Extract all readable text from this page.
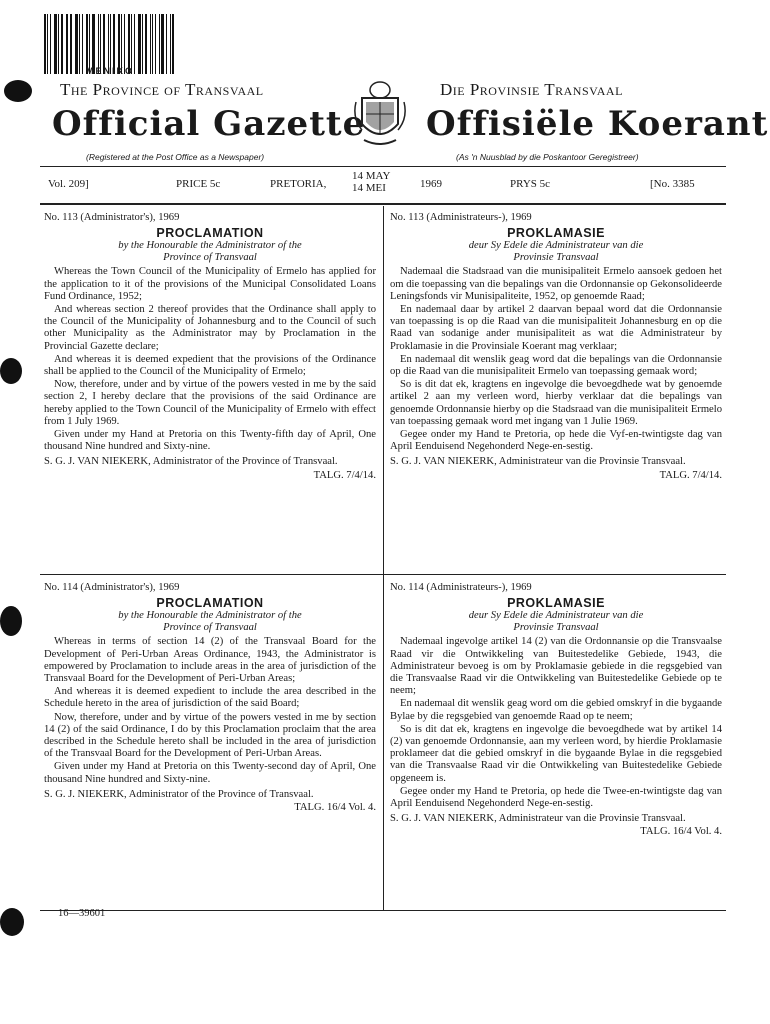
MENIKO
The Province of Transvaal	Die Provinsie Transvaal
Official Gazette Offisiële Koerant
(Registered at the Post Office as a Newspaper)	(As 'n Nuusblad by die Poskantoor Geregistreer)
Vol. 209]	PRICE 5c	PRETORIA,
14 MAY
14 MEI	1969	PRYS 5c	[No. 3385

No. 113 (Administrator's), 1969

PROCLAMATION

by the Honourable the Administrator of the

Province of Transvaal

Whereas the Town Council of the Municipality of Ermelo has applied for the application to it of the provisions of the Municipal Consolidated Loans Fund Ordinance, 1952;

And whereas section 2 thereof provides that the Ordinance shall apply to the Council of the Municipality of Johannesburg and to the Council of such other Municipality as the Administrator may by Proclamation in the Provincial Gazette declare;

And whereas it is deemed expedient that the provisions of the Ordinance shall be applied to the Council of the Municipality of Ermelo;

Now, therefore, under and by virtue of the powers vested in me by the said section 2, I hereby declare that the provisions of the said Ordinance are hereby applied to the Town Council of the Municipality of Ermelo with effect from 1 July 1969.

Given under my Hand at Pretoria on this Twenty-fifth day of April, One thousand Nine hundred and Sixty-nine.

S. G. J. VAN NIEKERK, Administrator of the Province of Transvaal.

TALG. 7/4/14.

No. 113 (Administrateurs-), 1969

PROKLAMASIE

deur Sy Edele die Administrateur van die

Provinsie Transvaal

Nademaal die Stadsraad van die munisipaliteit Ermelo aansoek gedoen het om die toepassing van die bepalings van die Ordonnansie op Gekonsolideerde Leningsfonds vir Munisipaliteite, 1952, op genoemde Raad;

En nademaal daar by artikel 2 daarvan bepaal word dat die Ordonnansie van toepassing is op die Raad van die munisipaliteit Johannesburg en op die Raad van sodanige ander munisipaliteit as wat die Administrateur by Proklamasie in die Provinsiale Koerant mag verklaar;

En nademaal dit wenslik geag word dat die bepalings van die Ordonnansie op die Raad van die munisipaliteit Ermelo van toepassing gemaak word;

So is dit dat ek, kragtens en ingevolge die bevoegdhede wat by genoemde artikel 2 aan my verleen word, hierby verklaar dat die bepalings van genoemde Ordonnansie hierby op die Stadsraad van die munisipaliteit Ermelo van toepassing gemaak word met ingang van 1 Julie 1969.

Gegee onder my Hand te Pretoria, op hede die Vyf-en-twintigste dag van April Eenduisend Negehonderd Nege-en-sestig.

S. G. J. VAN NIEKERK, Administrateur van die Provinsie Transvaal.

TALG. 7/4/14.

No. 114 (Administrator's), 1969

PROCLAMATION

by the Honourable the Administrator of the

Province of Transvaal

Whereas in terms of section 14 (2) of the Transvaal Board for the Development of Peri-Urban Areas Ordinance, 1943, the Administrator is empowered by Proclamation to include areas in the area of jurisdiction of the Transvaal Board for the Development of Peri-Urban Areas;

And whereas it is deemed expedient to include the area described in the Schedule hereto in the area of jurisdiction of the said Board;

Now, therefore, under and by virtue of the powers vested in me by section 14 (2) of the said Ordinance, I do by this Proclamation proclaim that the area described in the Schedule hereto shall be included in the area of jurisdiction of the Transvaal Board for the Development of Peri-Urban Areas.

Given under my Hand at Pretoria on this Twenty-second day of April, One thousand Nine hundred and Sixty-nine.

S. G. J. NIEKERK, Administrator of the Province of Transvaal.

TALG. 16/4 Vol. 4.

No. 114 (Administrateurs-), 1969

PROKLAMASIE

deur Sy Edele die Administrateur van die

Provinsie Transvaal

Nademaal ingevolge artikel 14 (2) van die Ordonnansie op die Transvaalse Raad vir die Ontwikkeling van Buitestedelike Gebiede, 1943, die Administrateur bevoeg is om by Proklamasie gebiede in die regsgebied van die Transvaalse Raad vir die Ontwikkeling van Buitestedelike Gebiede op te neem;

En nademaal dit wenslik geag word om die gebied omskryf in die bygaande Bylae by die regsgebied van genoemde Raad op te neem;

So is dit dat ek, kragtens en ingevolge die bevoegdhede wat by artikel 14 (2) van genoemde Ordonnansie, aan my verleen word, by hierdie Proklamasie proklameer dat die gebied omskryf in die bygaande Bylae in die regsgebied van die Transvaalse Raad vir die Ontwikkeling van Buitestedelike Gebiede opgeneem is.

Gegee onder my Hand te Pretoria, op hede die Twee-en-twintigste dag van April Eenduisend Negehonderd Nege-en-sestig.

S. G. J. VAN NIEKERK, Administrateur van die Provinsie Transvaal.

TALG. 16/4 Vol. 4.

16—39601
